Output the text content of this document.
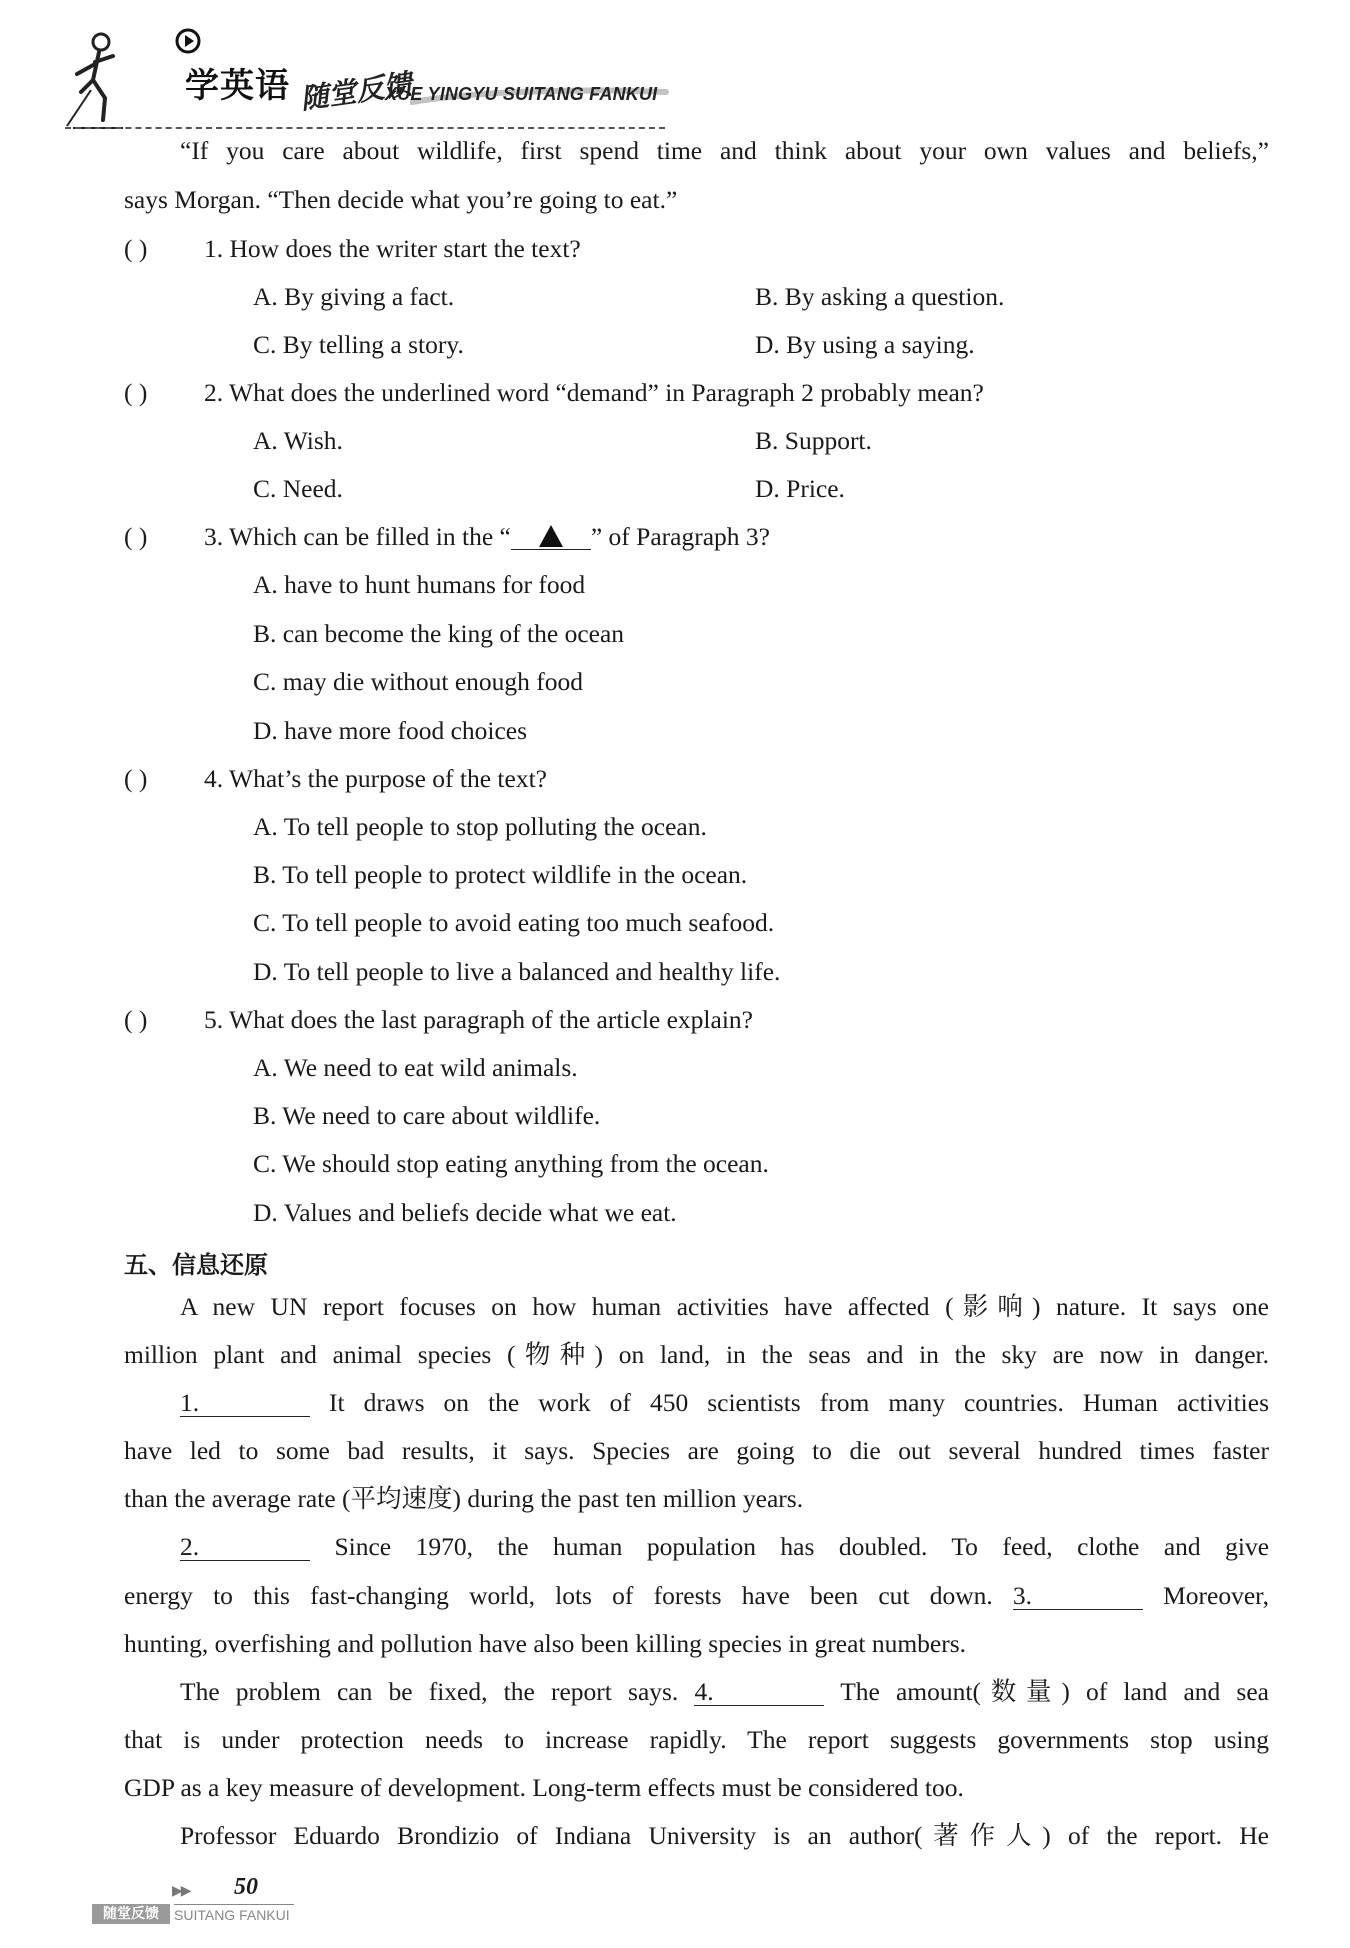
学英语 随堂反馈
XUE YINGYU SUITANG FANKUI
“If you care about wildlife, first spend time and think about your own values and beliefs,”
says Morgan. “Then decide what you’re going to eat.”
( ) 1. How does the writer start the text?
A. By giving a fact.	B. By asking a question.
C. By telling a story.	D. By using a saying.
( ) 2. What does the underlined word “demand” in Paragraph 2 probably mean?
A. Wish.	B. Support.
C. Need.	D. Price.
( ) 3. Which can be filled in the “	” of Paragraph 3?
A. have to hunt humans for food
B. can become the king of the ocean
C. may die without enough food
D. have more food choices
( ) 4. What’s the purpose of the text?
A. To tell people to stop polluting the ocean.
B. To tell people to protect wildlife in the ocean.
C. To tell people to avoid eating too much seafood.
D. To tell people to live a balanced and healthy life.
( ) 5. What does the last paragraph of the article explain?
A. We need to eat wild animals.
B. We need to care about wildlife.
C. We should stop eating anything from the ocean.
D. Values and beliefs decide what we eat.
五、信息还原
A new UN report focuses on how human activities have affected (影响) nature. It says one
million plant and animal species (物种) on land, in the seas and in the sky are now in danger.
1.	It draws on the work of 450 scientists from many countries. Human activities
have led to some bad results, it says. Species are going to die out several hundred times faster
than the average rate (平均速度) during the past ten million years.
2.	Since 1970, the human population has doubled. To feed, clothe and give
energy to this fast-changing world, lots of forests have been cut down. 3.	Moreover,
hunting, overfishing and pollution have also been killing species in great numbers.
The problem can be fixed, the report says. 4.	The amount(数量) of land and sea
that is under protection needs to increase rapidly. The report suggests governments stop using
GDP as a key measure of development. Long-term effects must be considered too.
Professor Eduardo Brondizio of Indiana University is an author(著作人) of the report. He
▶▶ 50
随堂反馈	SUITANG FANKUI
